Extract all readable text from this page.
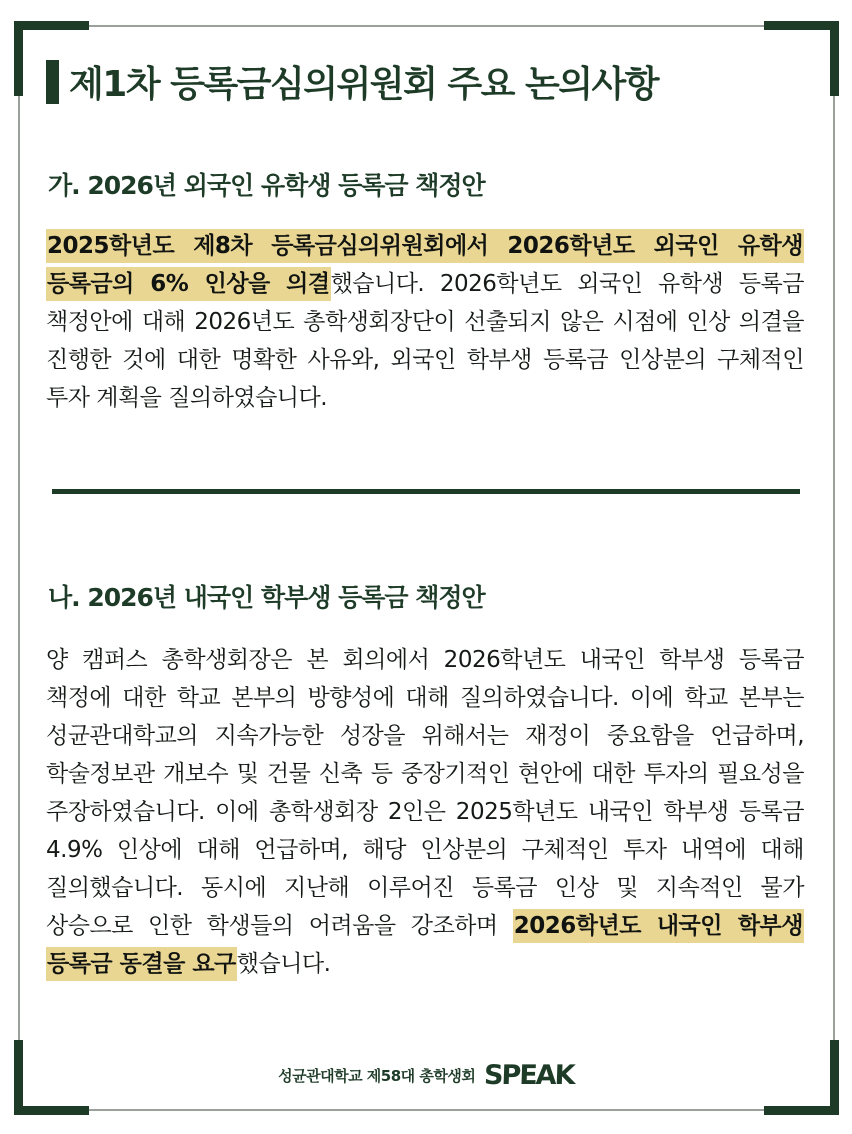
제1차 등록금심의위원회 주요 논의사항
가. 2026년 외국인 유학생 등록금 책정안

2025학년도 제8차 등록금심의위원회에서 2026학년도 외국인 유학생 등록금의 6% 인상을 의결했습니다. 2026학년도 외국인 유학생 등록금 책정안에 대해 2026년도 총학생회장단이 선출되지 않은 시점에 인상 의결을 진행한 것에 대한 명확한 사유와, 외국인 학부생 등록금 인상분의 구체적인 투자 계획을 질의하였습니다.

나. 2026년 내국인 학부생 등록금 책정안

양 캠퍼스 총학생회장은 본 회의에서 2026학년도 내국인 학부생 등록금 책정에 대한 학교 본부의 방향성에 대해 질의하였습니다. 이에 학교 본부는 성균관대학교의 지속가능한 성장을 위해서는 재정이 중요함을 언급하며, 학술정보관 개보수 및 건물 신축 등 중장기적인 현안에 대한 투자의 필요성을 주장하였습니다. 이에 총학생회장 2인은 2025학년도 내국인 학부생 등록금 4.9% 인상에 대해 언급하며, 해당 인상분의 구체적인 투자 내역에 대해 질의했습니다. 동시에 지난해 이루어진 등록금 인상 및 지속적인 물가 상승으로 인한 학생들의 어려움을 강조하며 2026학년도 내국인 학부생 등록금 동결을 요구했습니다.

성균관대학교 제58대 총학생회 SPEAK
